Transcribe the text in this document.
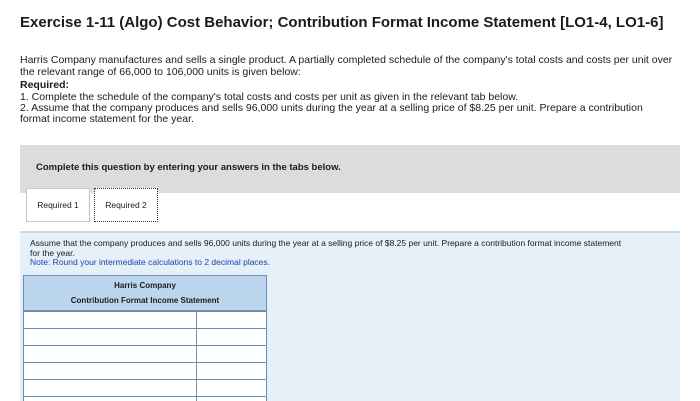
Exercise 1-11 (Algo) Cost Behavior; Contribution Format Income Statement [LO1-4, LO1-6]
Harris Company manufactures and sells a single product. A partially completed schedule of the company's total costs and costs per unit over the relevant range of 66,000 to 106,000 units is given below:
Required:
1. Complete the schedule of the company's total costs and costs per unit as given in the relevant tab below.
2. Assume that the company produces and sells 96,000 units during the year at a selling price of $8.25 per unit. Prepare a contribution format income statement for the year.
Complete this question by entering your answers in the tabs below.
Required 1	Required 2
Assume that the company produces and sells 96,000 units during the year at a selling price of $8.25 per unit. Prepare a contribution format income statement for the year.
Note: Round your intermediate calculations to 2 decimal places.
Harris Company
Contribution Format Income Statement
